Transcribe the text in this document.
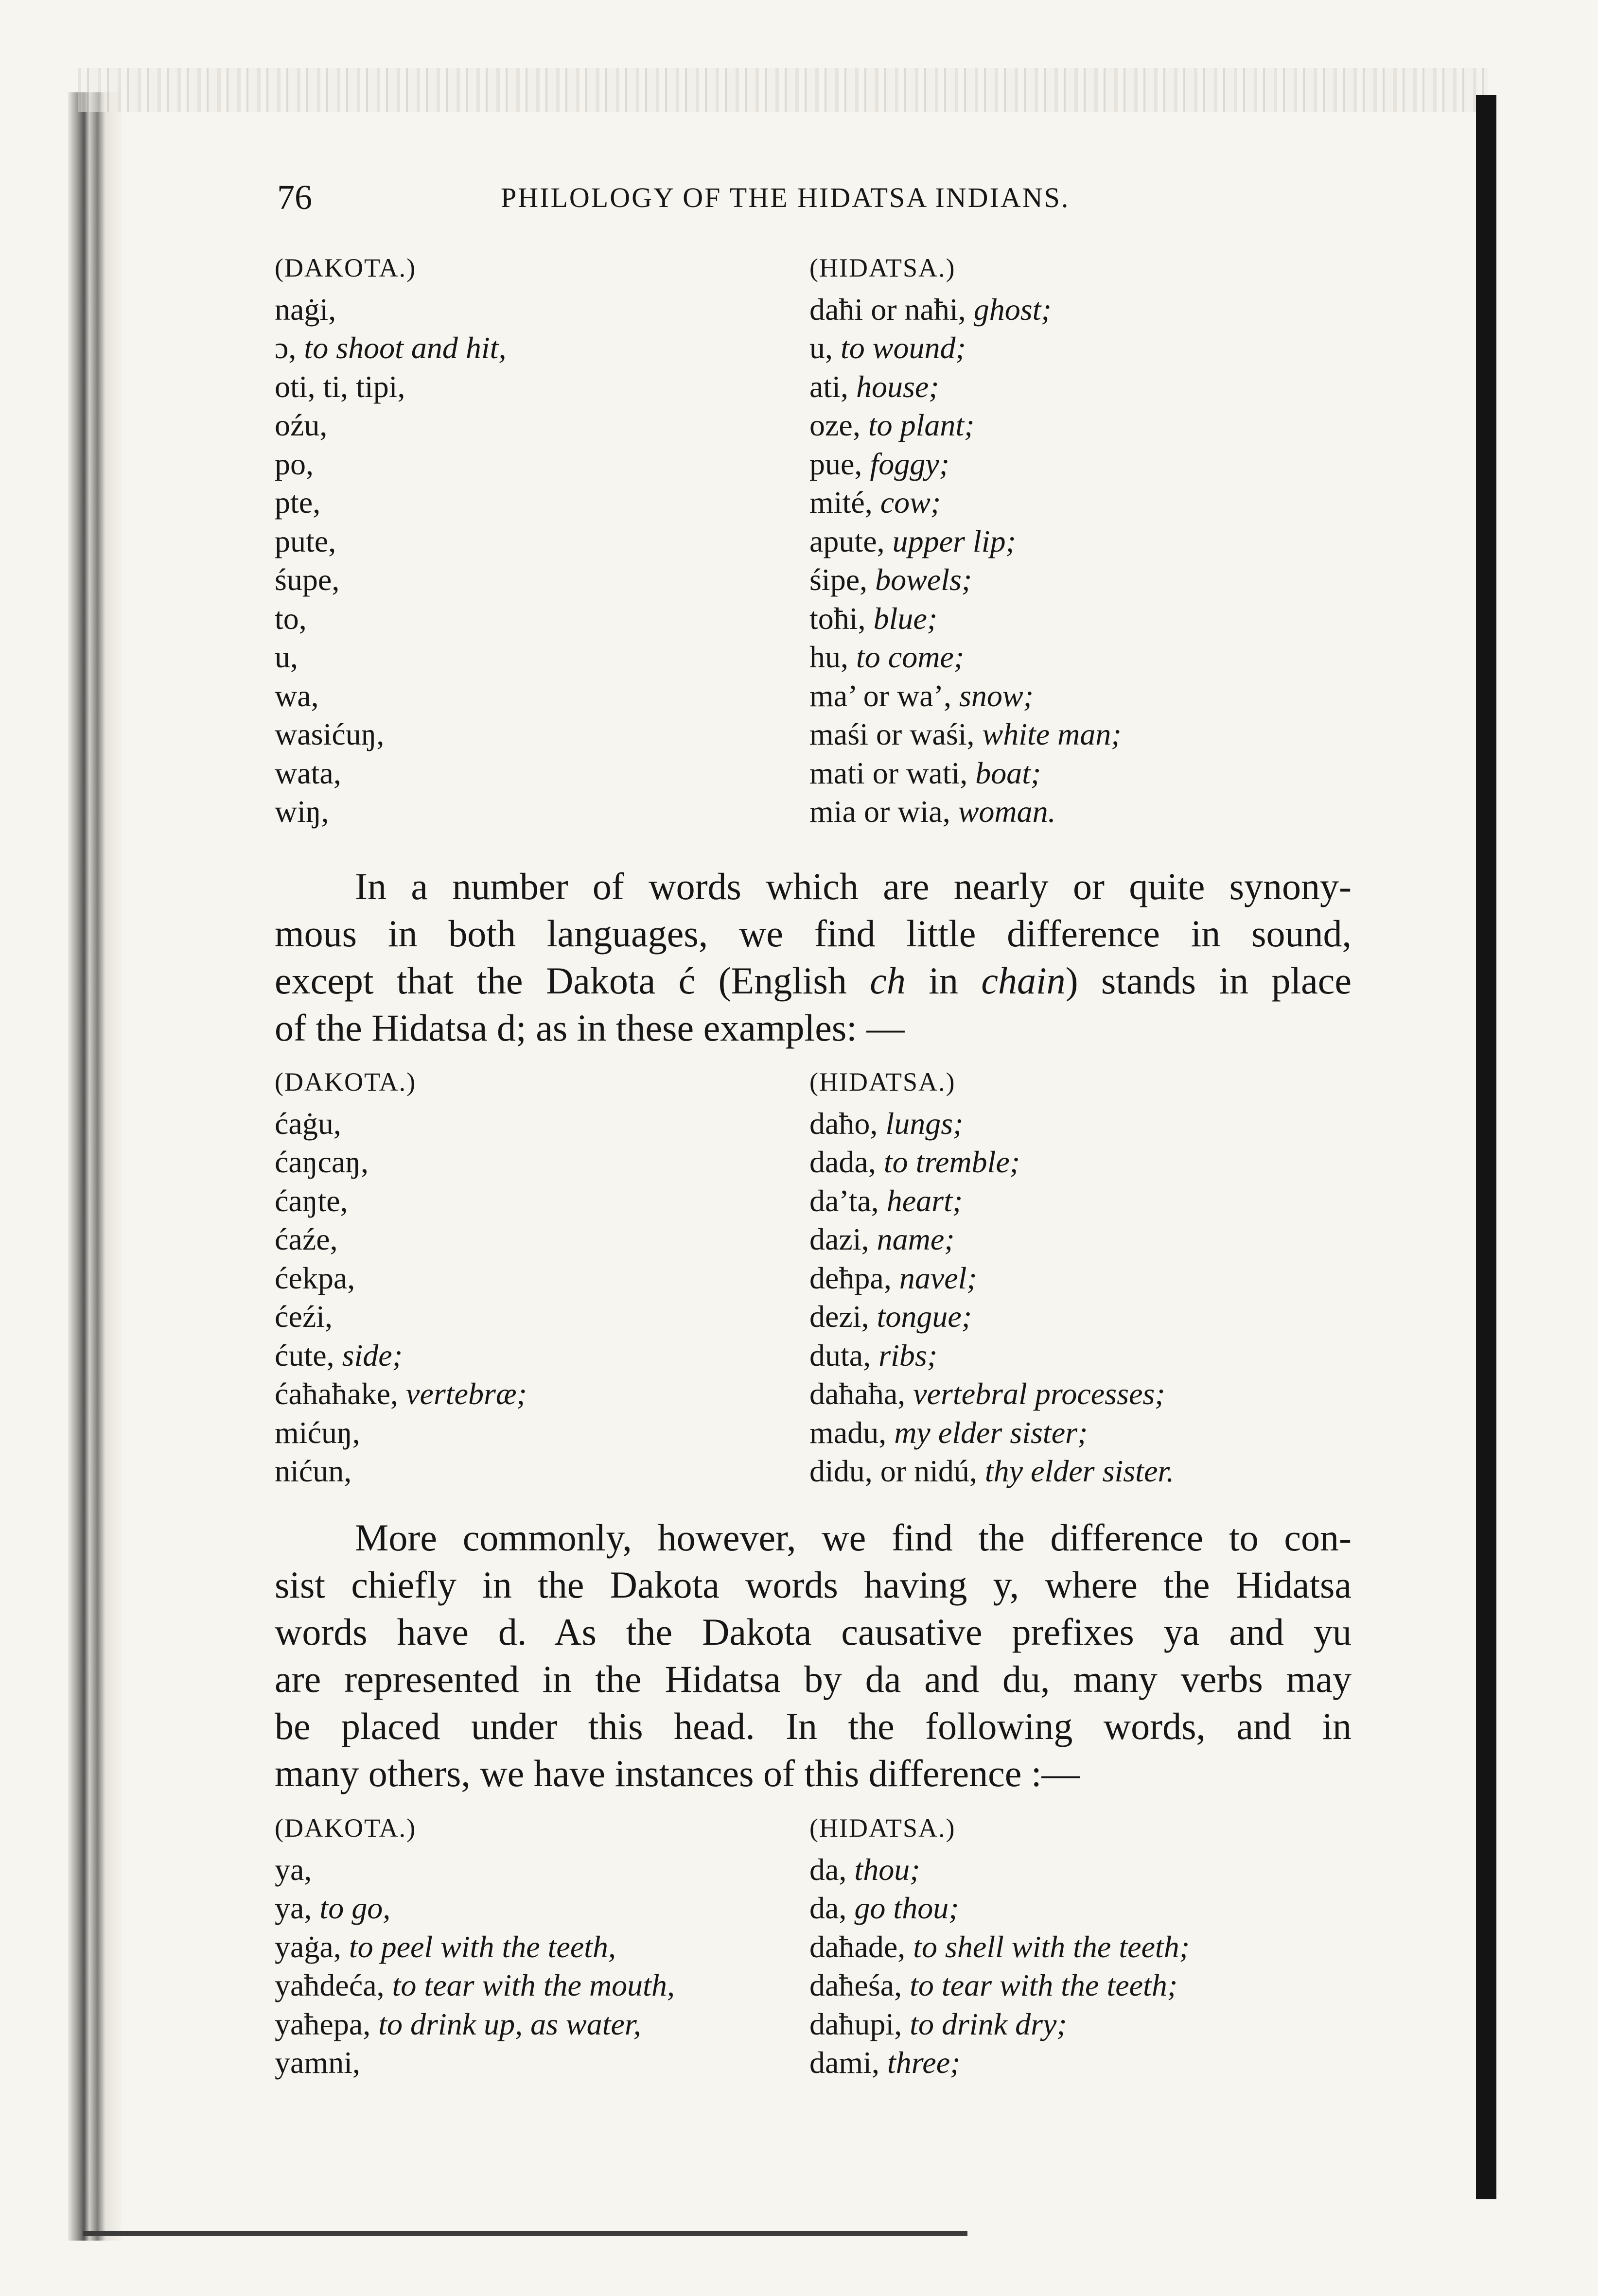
76	PHILOLOGY OF THE HIDATSA INDIANS.
(DAKOTA.)	(HIDATSA.)
naġi,	daħi or naħi, ghost;
ɔ, to shoot and hit,	u, to wound;
oti, ti, tipi,	ati, house;
oźu,	oze, to plant;
po,	pue, foggy;
pte,	mité, cow;
pute,	apute, upper lip;
śupe,	śipe, bowels;
to,	toħi, blue;
u,	hu, to come;
wa,	ma’ or wa’, snow;
wasićuŋ,	maśi or waśi, white man;
wata,	mati or wati, boat;
wiŋ,	mia or wia, woman.
In a number of words which are nearly or quite synony-
mous in both languages, we find little difference in sound,
except that the Dakota ć (English ch in chain) stands in place
of the Hidatsa d; as in these examples: —
(DAKOTA.)	(HIDATSA.)
ćaġu,	daħo, lungs;
ćaŋcaŋ,	dada, to tremble;
ćaŋte,	da’ta, heart;
ćaźe,	dazi, name;
ćekpa,	deħpa, navel;
ćeźi,	dezi, tongue;
ćute, side;	duta, ribs;
ćaħaħake, vertebræ;	daħaħa, vertebral processes;
mićuŋ,	madu, my elder sister;
nićun,	didu, or nidú, thy elder sister.
More commonly, however, we find the difference to con-
sist chiefly in the Dakota words having y, where the Hidatsa
words have d. As the Dakota causative prefixes ya and yu
are represented in the Hidatsa by da and du, many verbs may
be placed under this head. In the following words, and in
many others, we have instances of this difference :—
(DAKOTA.)	(HIDATSA.)
ya,	da, thou;
ya, to go,	da, go thou;
yaġa, to peel with the teeth,	daħade, to shell with the teeth;
yaħdeća, to tear with the mouth,	daħeśa, to tear with the teeth;
yaħepa, to drink up, as water,	daħupi, to drink dry;
yamni,	dami, three;
